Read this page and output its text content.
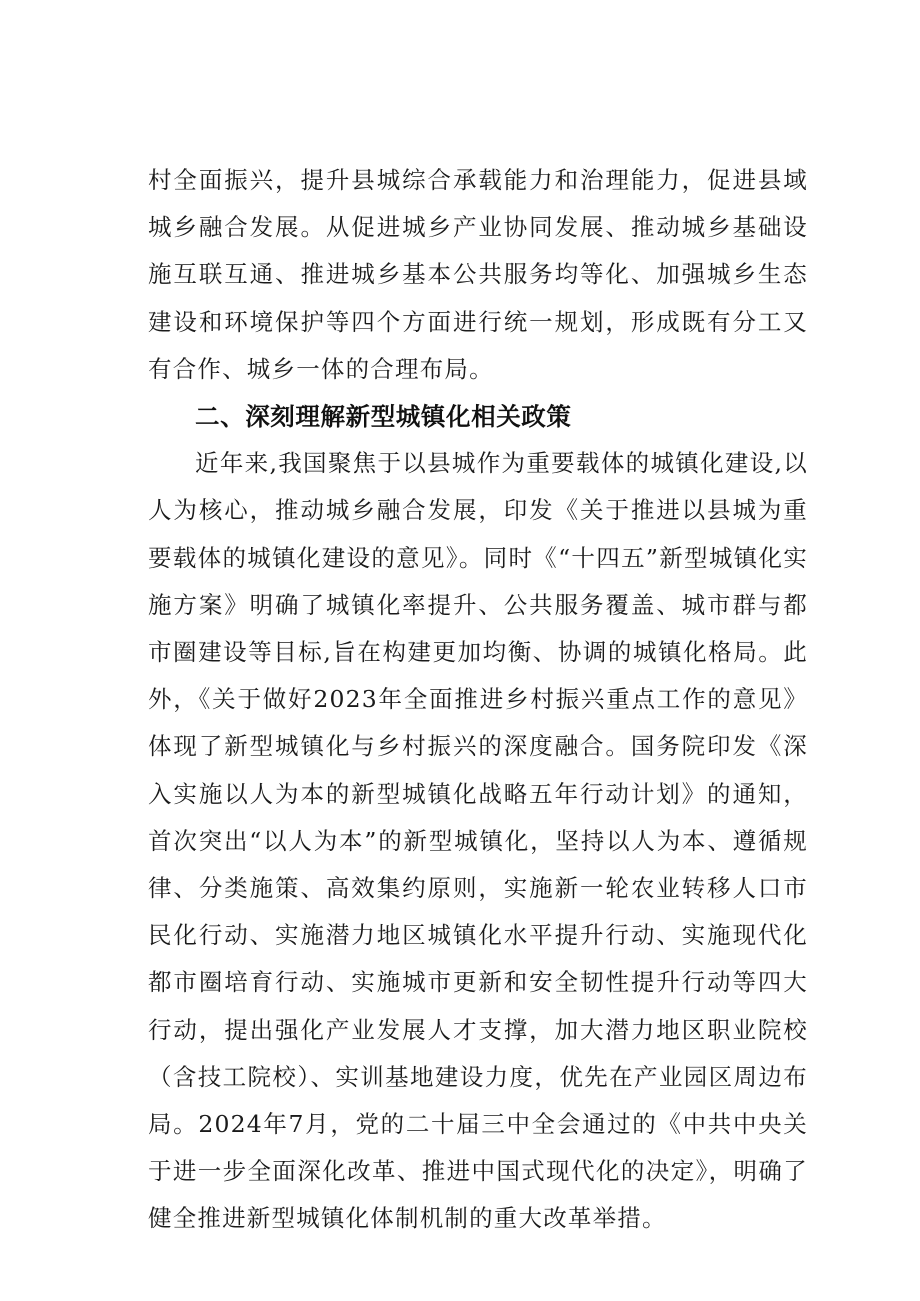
村全面振兴，提升县城综合承载能力和治理能力，促进县域城乡融合发展。从促进城乡产业协同发展、推动城乡基础设施互联互通、推进城乡基本公共服务均等化、加强城乡生态建设和环境保护等四个方面进行统一规划，形成既有分工又有合作、城乡一体的合理布局。

二、深刻理解新型城镇化相关政策

近年来,我国聚焦于以县城作为重要载体的城镇化建设,以人为核心，推动城乡融合发展，印发《关于推进以县城为重要载体的城镇化建设的意见》。同时《“十四五”新型城镇化实施方案》明确了城镇化率提升、公共服务覆盖、城市群与都市圈建设等目标,旨在构建更加均衡、协调的城镇化格局。此外，《关于做好2023年全面推进乡村振兴重点工作的意见》体现了新型城镇化与乡村振兴的深度融合。国务院印发《深入实施以人为本的新型城镇化战略五年行动计划》的通知，首次突出“以人为本”的新型城镇化，坚持以人为本、遵循规律、分类施策、高效集约原则，实施新一轮农业转移人口市民化行动、实施潜力地区城镇化水平提升行动、实施现代化都市圈培育行动、实施城市更新和安全韧性提升行动等四大行动，提出强化产业发展人才支撑，加大潜力地区职业院校（含技工院校）、实训基地建设力度，优先在产业园区周边布局。2024年7月，党的二十届三中全会通过的《中共中央关于进一步全面深化改革、推进中国式现代化的决定》，明确了健全推进新型城镇化体制机制的重大改革举措。
